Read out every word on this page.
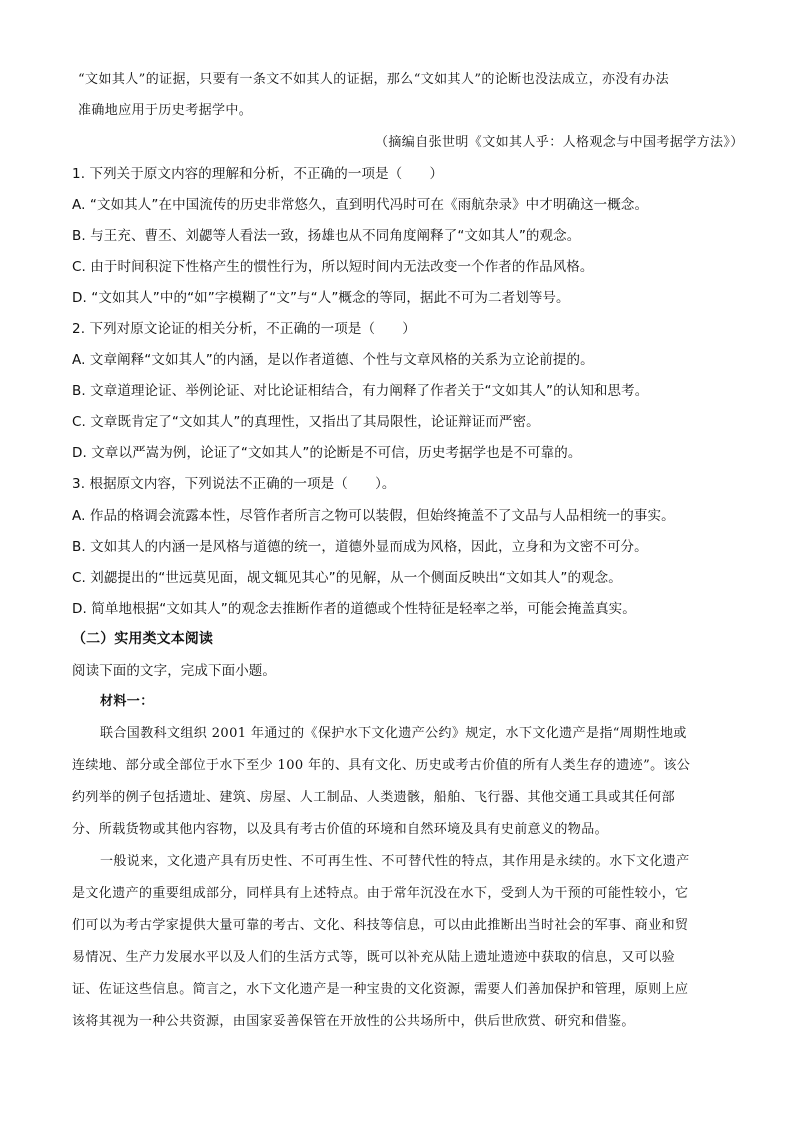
“文如其人”的证据，只要有一条文不如其人的证据，那么“文如其人”的论断也没法成立，亦没有办法
准确地应用于历史考据学中。
（摘编自张世明《文如其人乎：人格观念与中国考据学方法》）
1. 下列关于原文内容的理解和分析，不正确的一项是（　　）
A. “文如其人”在中国流传的历史非常悠久，直到明代冯时可在《雨航杂录》中才明确这一概念。
B. 与王充、曹丕、刘勰等人看法一致，扬雄也从不同角度阐释了“文如其人”的观念。
C. 由于时间积淀下性格产生的惯性行为，所以短时间内无法改变一个作者的作品风格。
D. “文如其人”中的“如”字模糊了“文”与“人”概念的等同，据此不可为二者划等号。
2. 下列对原文论证的相关分析，不正确的一项是（　　）
A. 文章阐释“文如其人”的内涵，是以作者道德、个性与文章风格的关系为立论前提的。
B. 文章道理论证、举例论证、对比论证相结合，有力阐释了作者关于“文如其人”的认知和思考。
C. 文章既肯定了“文如其人”的真理性，又指出了其局限性，论证辩证而严密。
D. 文章以严嵩为例，论证了“文如其人”的论断是不可信，历史考据学也是不可靠的。
3. 根据原文内容，下列说法不正确的一项是（　　）。
A. 作品的格调会流露本性，尽管作者所言之物可以装假，但始终掩盖不了文品与人品相统一的事实。
B. 文如其人的内涵一是风格与道德的统一，道德外显而成为风格，因此，立身和为文密不可分。
C. 刘勰提出的“世远莫见面，觇文辄见其心”的见解，从一个侧面反映出“文如其人”的观念。
D. 简单地根据“文如其人”的观念去推断作者的道德或个性特征是轻率之举，可能会掩盖真实。
（二）实用类文本阅读
阅读下面的文字，完成下面小题。
材料一：
联合国教科文组织 2001 年通过的《保护水下文化遗产公约》规定，水下文化遗产是指“周期性地或
连续地、部分或全部位于水下至少 100 年的、具有文化、历史或考古价值的所有人类生存的遗迹”。该公
约列举的例子包括遗址、建筑、房屋、人工制品、人类遗骸，船舶、飞行器、其他交通工具或其任何部
分、所载货物或其他内容物，以及具有考古价值的环境和自然环境及具有史前意义的物品。
一般说来，文化遗产具有历史性、不可再生性、不可替代性的特点，其作用是永续的。水下文化遗产
是文化遗产的重要组成部分，同样具有上述特点。由于常年沉没在水下，受到人为干预的可能性较小，它
们可以为考古学家提供大量可靠的考古、文化、科技等信息，可以由此推断出当时社会的军事、商业和贸
易情况、生产力发展水平以及人们的生活方式等，既可以补充从陆上遗址遗迹中获取的信息，又可以验
证、佐证这些信息。简言之，水下文化遗产是一种宝贵的文化资源，需要人们善加保护和管理，原则上应
该将其视为一种公共资源，由国家妥善保管在开放性的公共场所中，供后世欣赏、研究和借鉴。
